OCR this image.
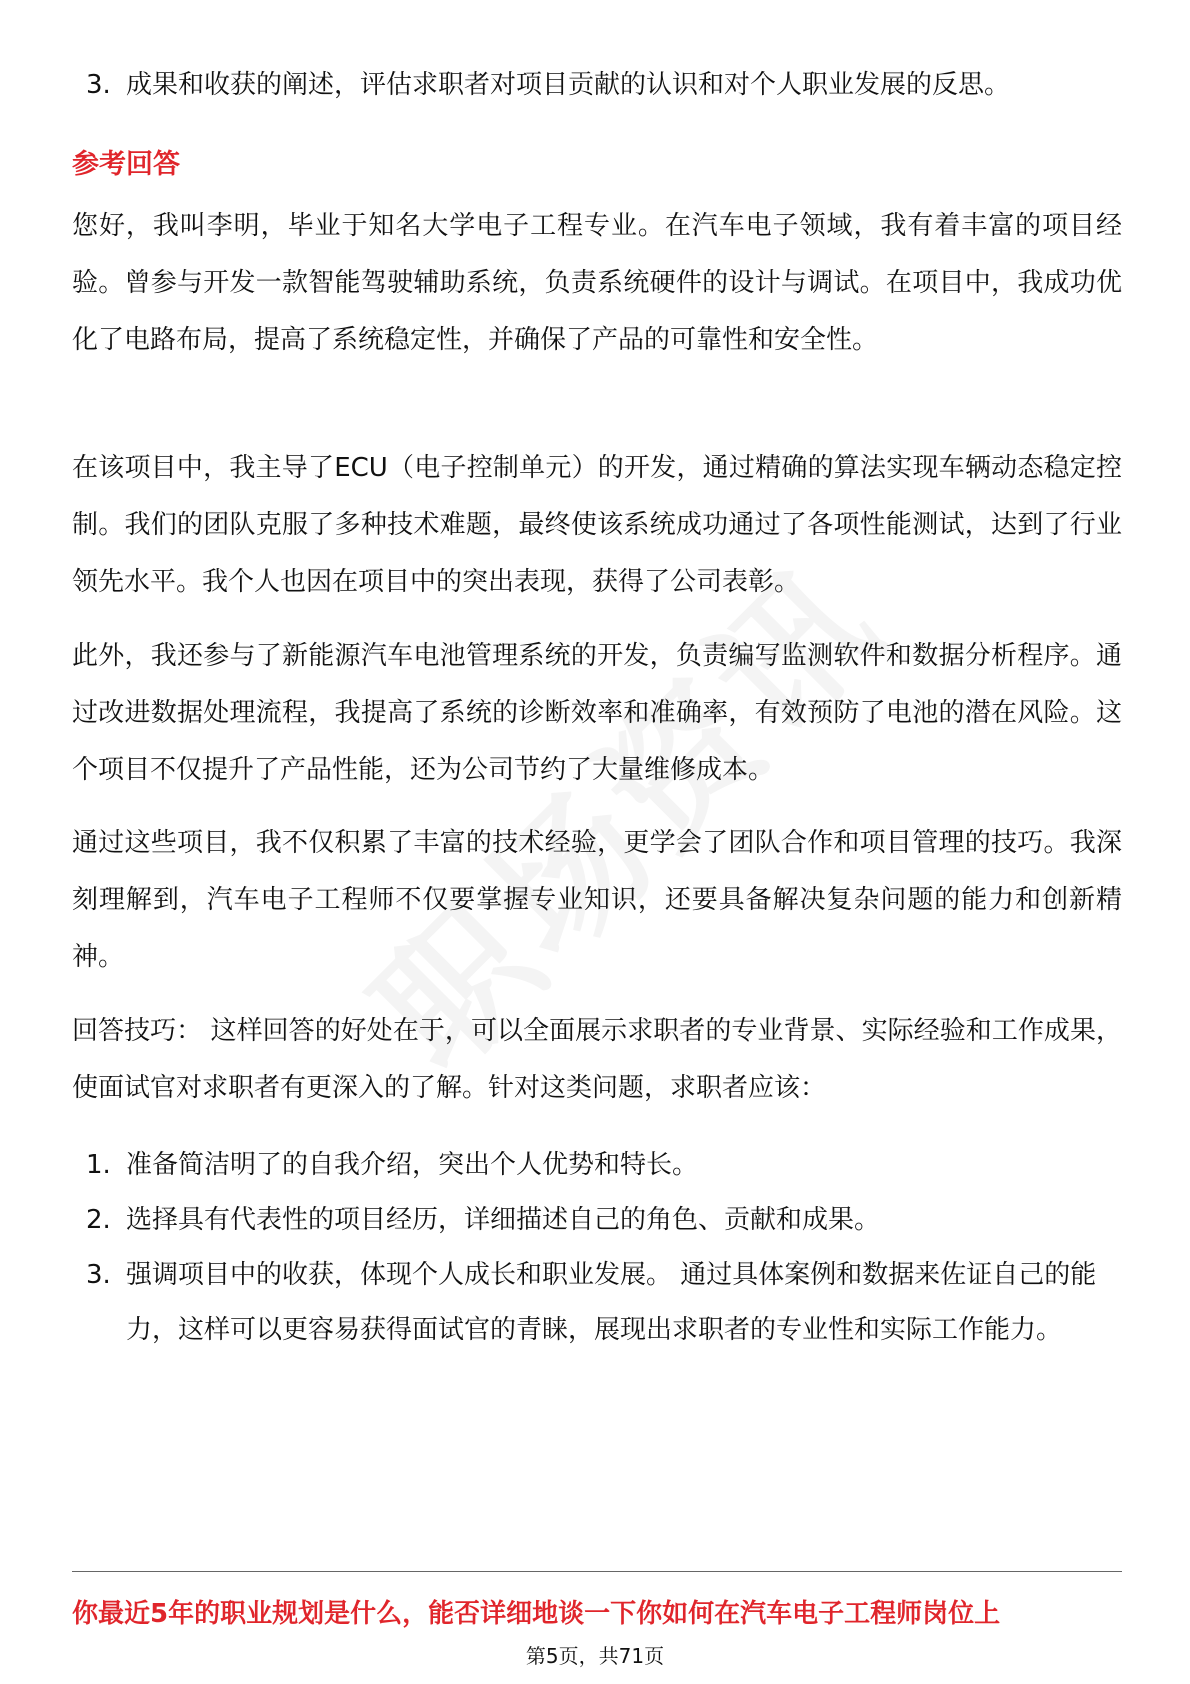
3. 成果和收获的阐述，评估求职者对项目贡献的认识和对个人职业发展的反思。
参考回答

您好，我叫李明，毕业于知名大学电子工程专业。在汽车电子领域，我有着丰富的项目经验。曾参与开发一款智能驾驶辅助系统，负责系统硬件的设计与调试。在项目中，我成功优化了电路布局，提高了系统稳定性，并确保了产品的可靠性和安全性。

在该项目中，我主导了ECU（电子控制单元）的开发，通过精确的算法实现车辆动态稳定控制。我们的团队克服了多种技术难题，最终使该系统成功通过了各项性能测试，达到了行业领先水平。我个人也因在项目中的突出表现，获得了公司表彰。

此外，我还参与了新能源汽车电池管理系统的开发，负责编写监测软件和数据分析程序。通过改进数据处理流程，我提高了系统的诊断效率和准确率，有效预防了电池的潜在风险。这个项目不仅提升了产品性能，还为公司节约了大量维修成本。

通过这些项目，我不仅积累了丰富的技术经验，更学会了团队合作和项目管理的技巧。我深刻理解到，汽车电子工程师不仅要掌握专业知识，还要具备解决复杂问题的能力和创新精神。

回答技巧： 这样回答的好处在于，可以全面展示求职者的专业背景、实际经验和工作成果，使面试官对求职者有更深入的了解。针对这类问题，求职者应该：

1. 准备简洁明了的自我介绍，突出个人优势和特长。
2. 选择具有代表性的项目经历，详细描述自己的角色、贡献和成果。
3. 强调项目中的收获，体现个人成长和职业发展。 通过具体案例和数据来佐证自己的能力，这样可以更容易获得面试官的青睐，展现出求职者的专业性和实际工作能力。

你最近5年的职业规划是什么，能否详细地谈一下你如何在汽车电子工程师岗位上

第5页，共71页
